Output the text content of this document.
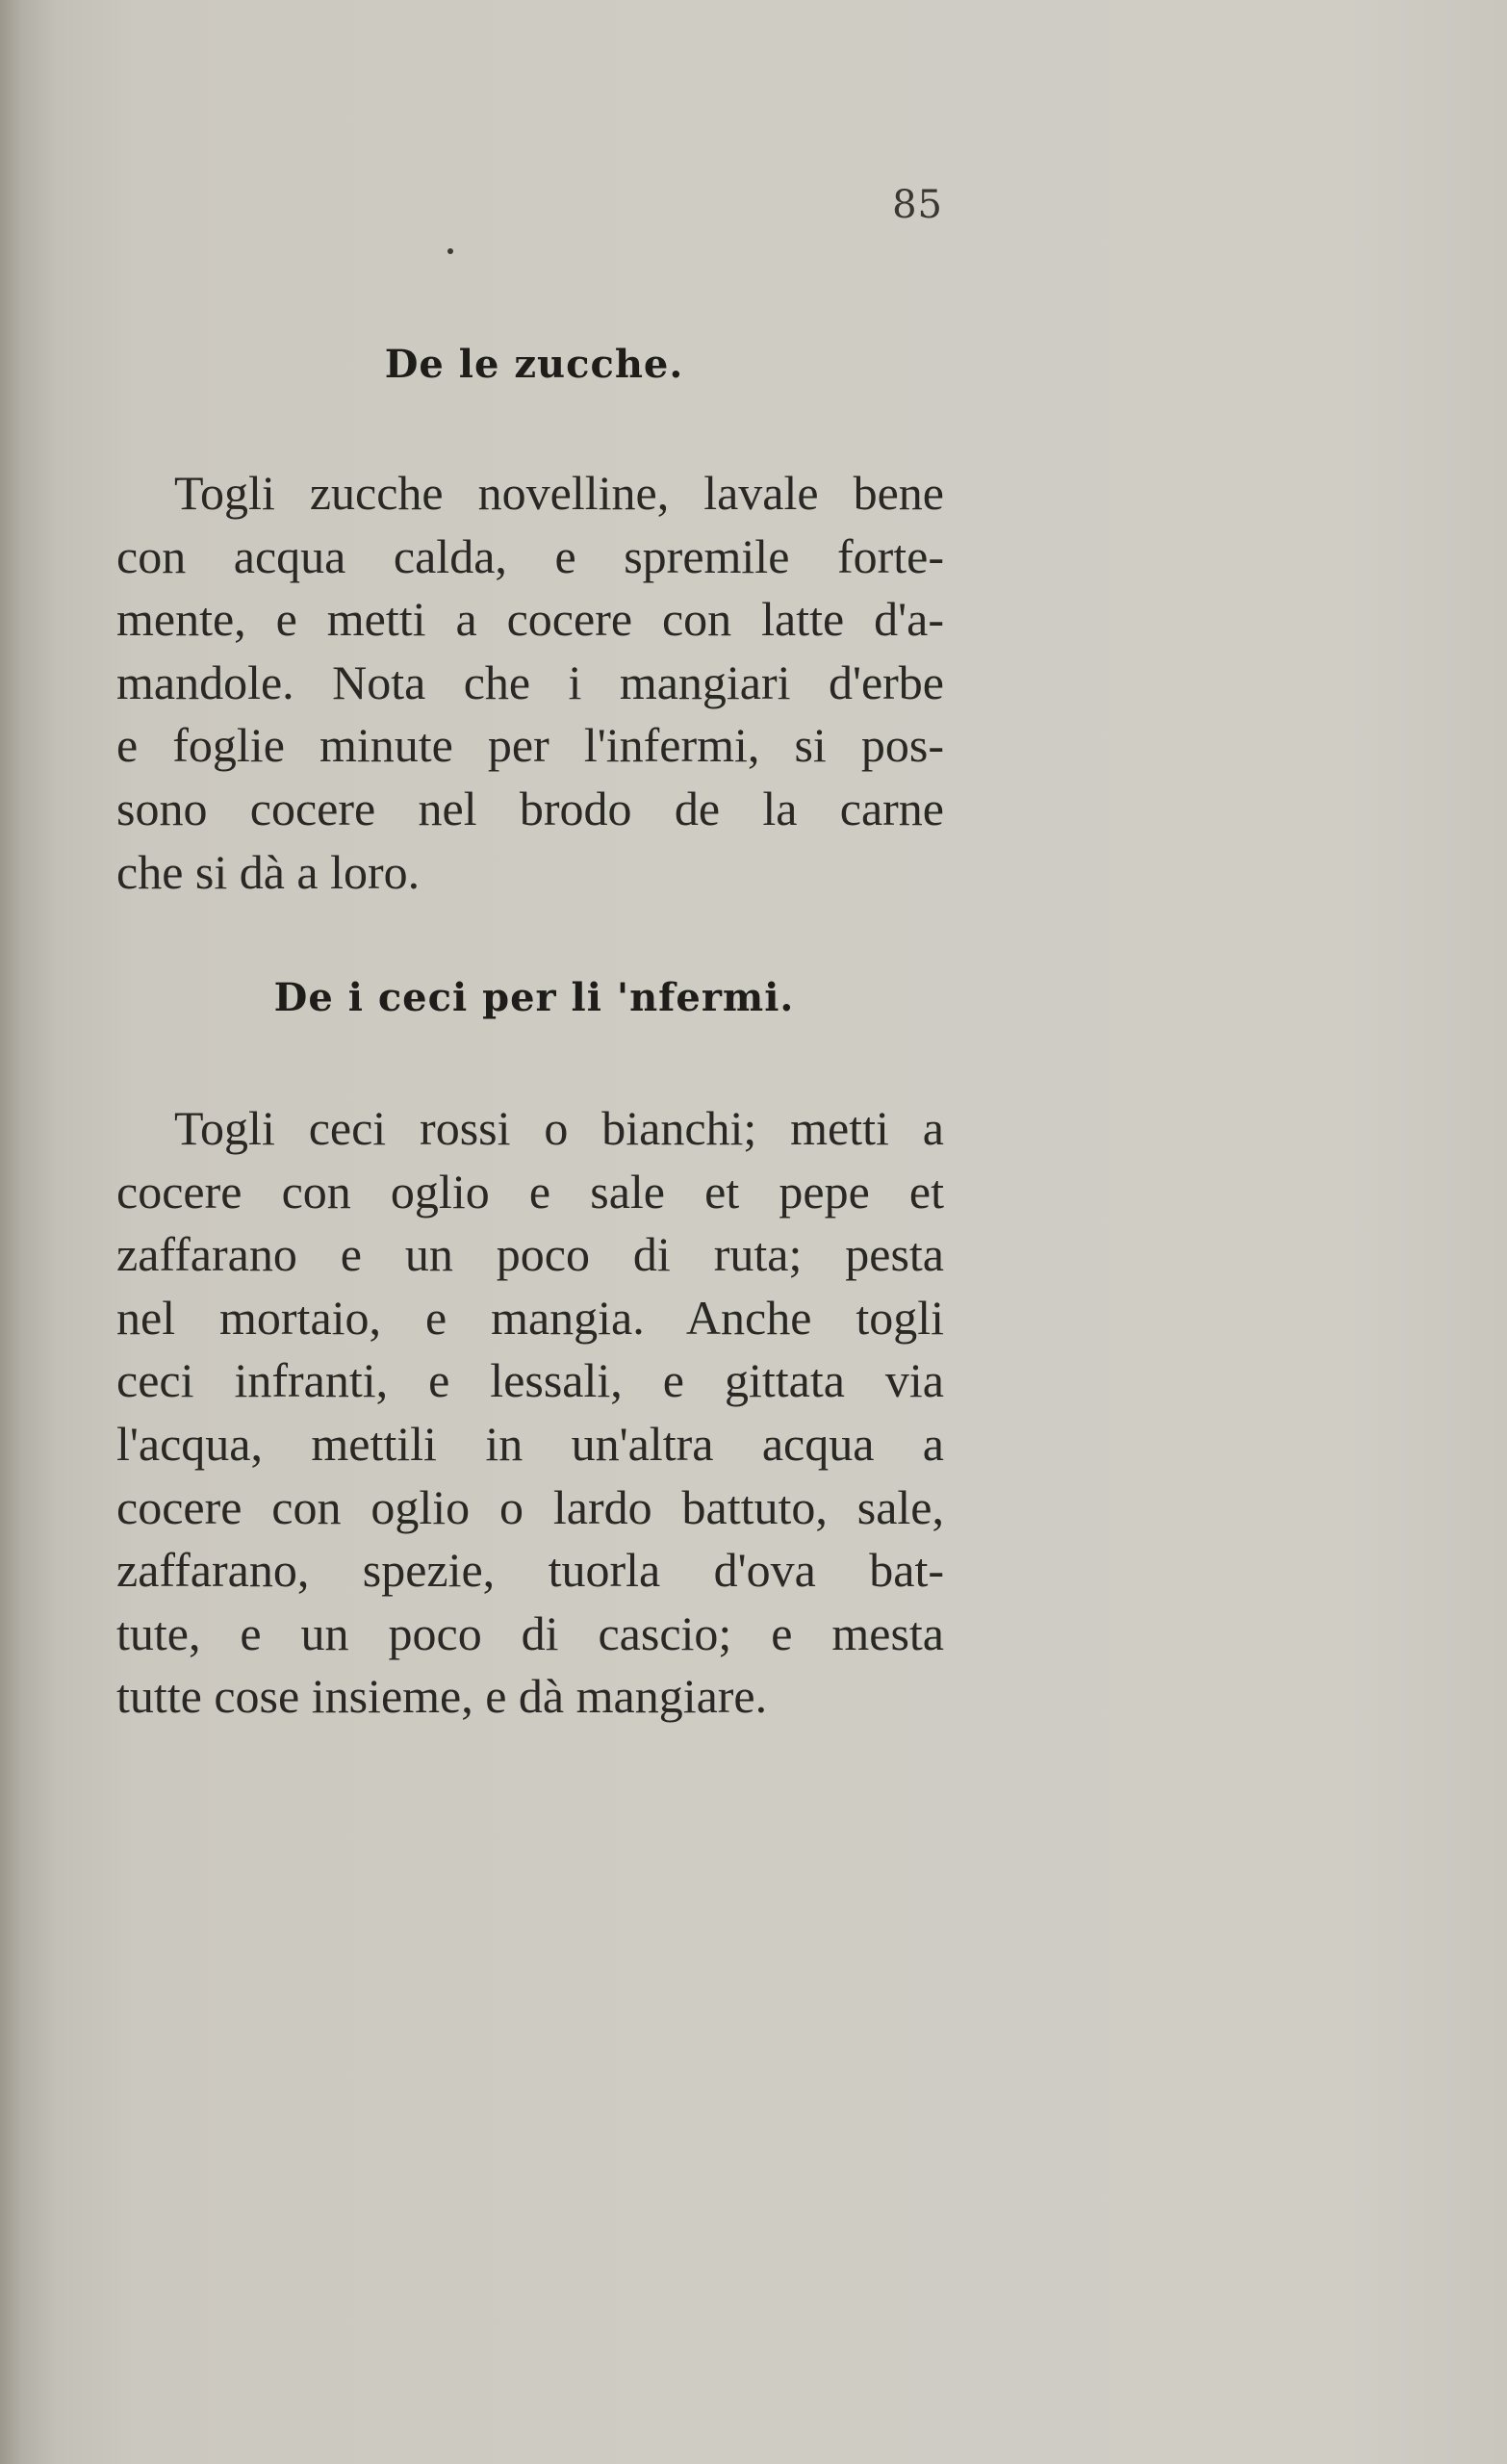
85
De le zucche.
Togli zucche novelline, lavale bene
con acqua calda, e spremile forte-
mente, e metti a cocere con latte d'a-
mandole. Nota che i mangiari d'erbe
e foglie minute per l'infermi, si pos-
sono cocere nel brodo de la carne
che si dà a loro.
De i ceci per li 'nfermi.
Togli ceci rossi o bianchi; metti a
cocere con oglio e sale et pepe et
zaffarano e un poco di ruta; pesta
nel mortaio, e mangia. Anche togli
ceci infranti, e lessali, e gittata via
l'acqua, mettili in un'altra acqua a
cocere con oglio o lardo battuto, sale,
zaffarano, spezie, tuorla d'ova bat-
tute, e un poco di cascio; e mesta
tutte cose insieme, e dà mangiare.
